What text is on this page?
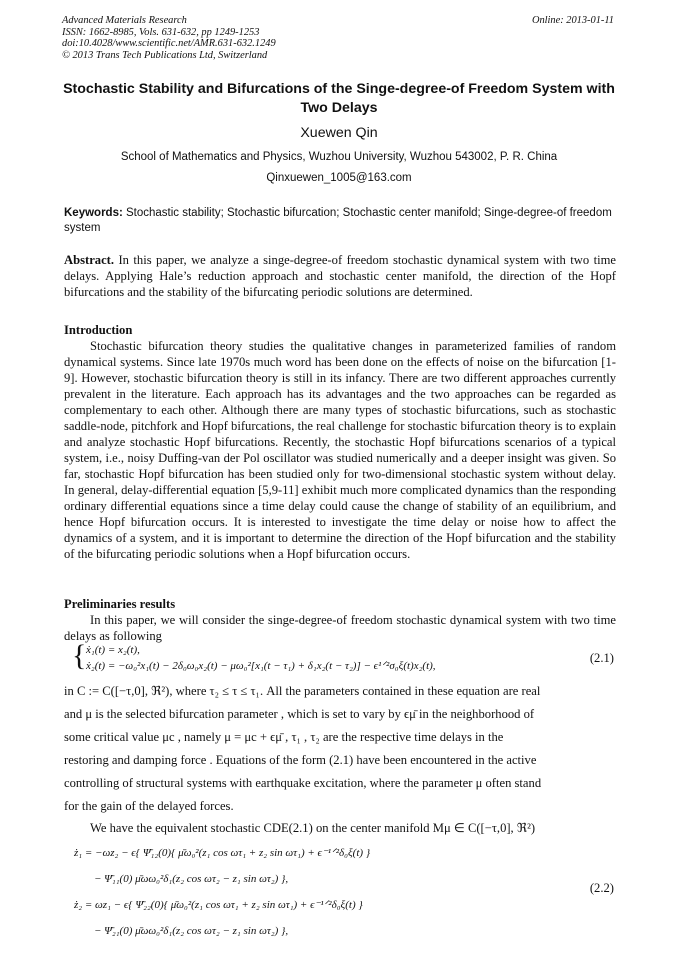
Advanced Materials Research
ISSN: 1662-8985, Vols. 631-632, pp 1249-1253
doi:10.4028/www.scientific.net/AMR.631-632.1249
© 2013 Trans Tech Publications Ltd, Switzerland
Online: 2013-01-11
Stochastic Stability and Bifurcations of the Singe-degree-of Freedom System with Two Delays
Xuewen Qin
School of Mathematics and Physics, Wuzhou University, Wuzhou 543002, P. R. China
Qinxuewen_1005@163.com
Keywords: Stochastic stability; Stochastic bifurcation; Stochastic center manifold; Singe-degree-of freedom system
Abstract. In this paper, we analyze a singe-degree-of freedom stochastic dynamical system with two time delays. Applying Hale’s reduction approach and stochastic center manifold, the direction of the Hopf bifurcations and the stability of the bifurcating periodic solutions are determined.
Introduction
Stochastic bifurcation theory studies the qualitative changes in parameterized families of random dynamical systems. Since late 1970s much word has been done on the effects of noise on the bifurcation [1-9]. However, stochastic bifurcation theory is still in its infancy. There are two different approaches currently prevalent in the literature. Each approach has its advantages and the two approaches can be regarded as complementary to each other. Although there are many types of stochastic bifurcations, such as stochastic saddle-node, pitchfork and Hopf bifurcations, the real challenge for stochastic bifurcation theory is to explain and analyze stochastic Hopf bifurcations. Recently, the stochastic Hopf bifurcations scenarios of a typical system, i.e., noisy Duffing-van der Pol oscillator was studied numerically and a deeper insight was given. So far, stochastic Hopf bifurcation has been studied only for two-dimensional stochastic system without delay. In general, delay-differential equation [5,9-11] exhibit much more complicated dynamics than the responding ordinary differential equations since a time delay could cause the change of stability of an equilibrium, and hence Hopf bifurcation occurs. It is interested to investigate the time delay or noise how to affect the dynamics of a system, and it is important to determine the direction of the Hopf bifurcation and the stability of the bifurcating periodic solutions when a Hopf bifurcation occurs.
Preliminaries results
In this paper, we will consider the singe-degree-of freedom stochastic dynamical system with two time delays as following
{ ẋ₁(t) = x₂(t),
ẋ₂(t) = −ω₀²x₁(t) − 2δ₀ω₀x₂(t) − μω₀²[x₁(t − τ₁) + δ₁x₂(t − τ₂)] − ϵ¹ᐟ²σ₀ξ(t)x₂(t),
(2.1)
in C := C([−τ,0], ℜ²), where τ₂ ≤ τ ≤ τ₁. All the parameters contained in these equation are real
and μ is the selected bifurcation parameter , which is set to vary by ϵμ̄ in the neighborhood of
some critical value μc , namely μ = μc + ϵμ̄ , τ₁ , τ₂ are the respective time delays in the
restoring and damping force . Equations of the form (2.1) have been encountered in the active
controlling of structural systems with earthquake excitation, where the parameter μ often stand
for the gain of the delayed forces.
We have the equivalent stochastic CDE(2.1) on the center manifold Mμ ∈ C([−τ,0], ℜ²)
ż₁ = −ωz₂ − ϵ{ Ψ̄₁₂(0){ μ̄ω₀²(z₁ cos ωτ₁ + z₂ sin ωτ₁) + ϵ⁻¹ᐟ²δ₀ξ(t) }
− Ψ̄₁₁(0) μ̄ωω₀²δ₁(z₂ cos ωτ₂ − z₁ sin ωτ₂) },
ż₂ = ωz₁ − ϵ{ Ψ̄₂₂(0){ μ̄ω₀²(z₁ cos ωτ₁ + z₂ sin ωτ₁) + ϵ⁻¹ᐟ²δ₀ξ(t) }
− Ψ̄₂₁(0) μ̄ωω₀²δ₁(z₂ cos ωτ₂ − z₁ sin ωτ₂) },
(2.2)
